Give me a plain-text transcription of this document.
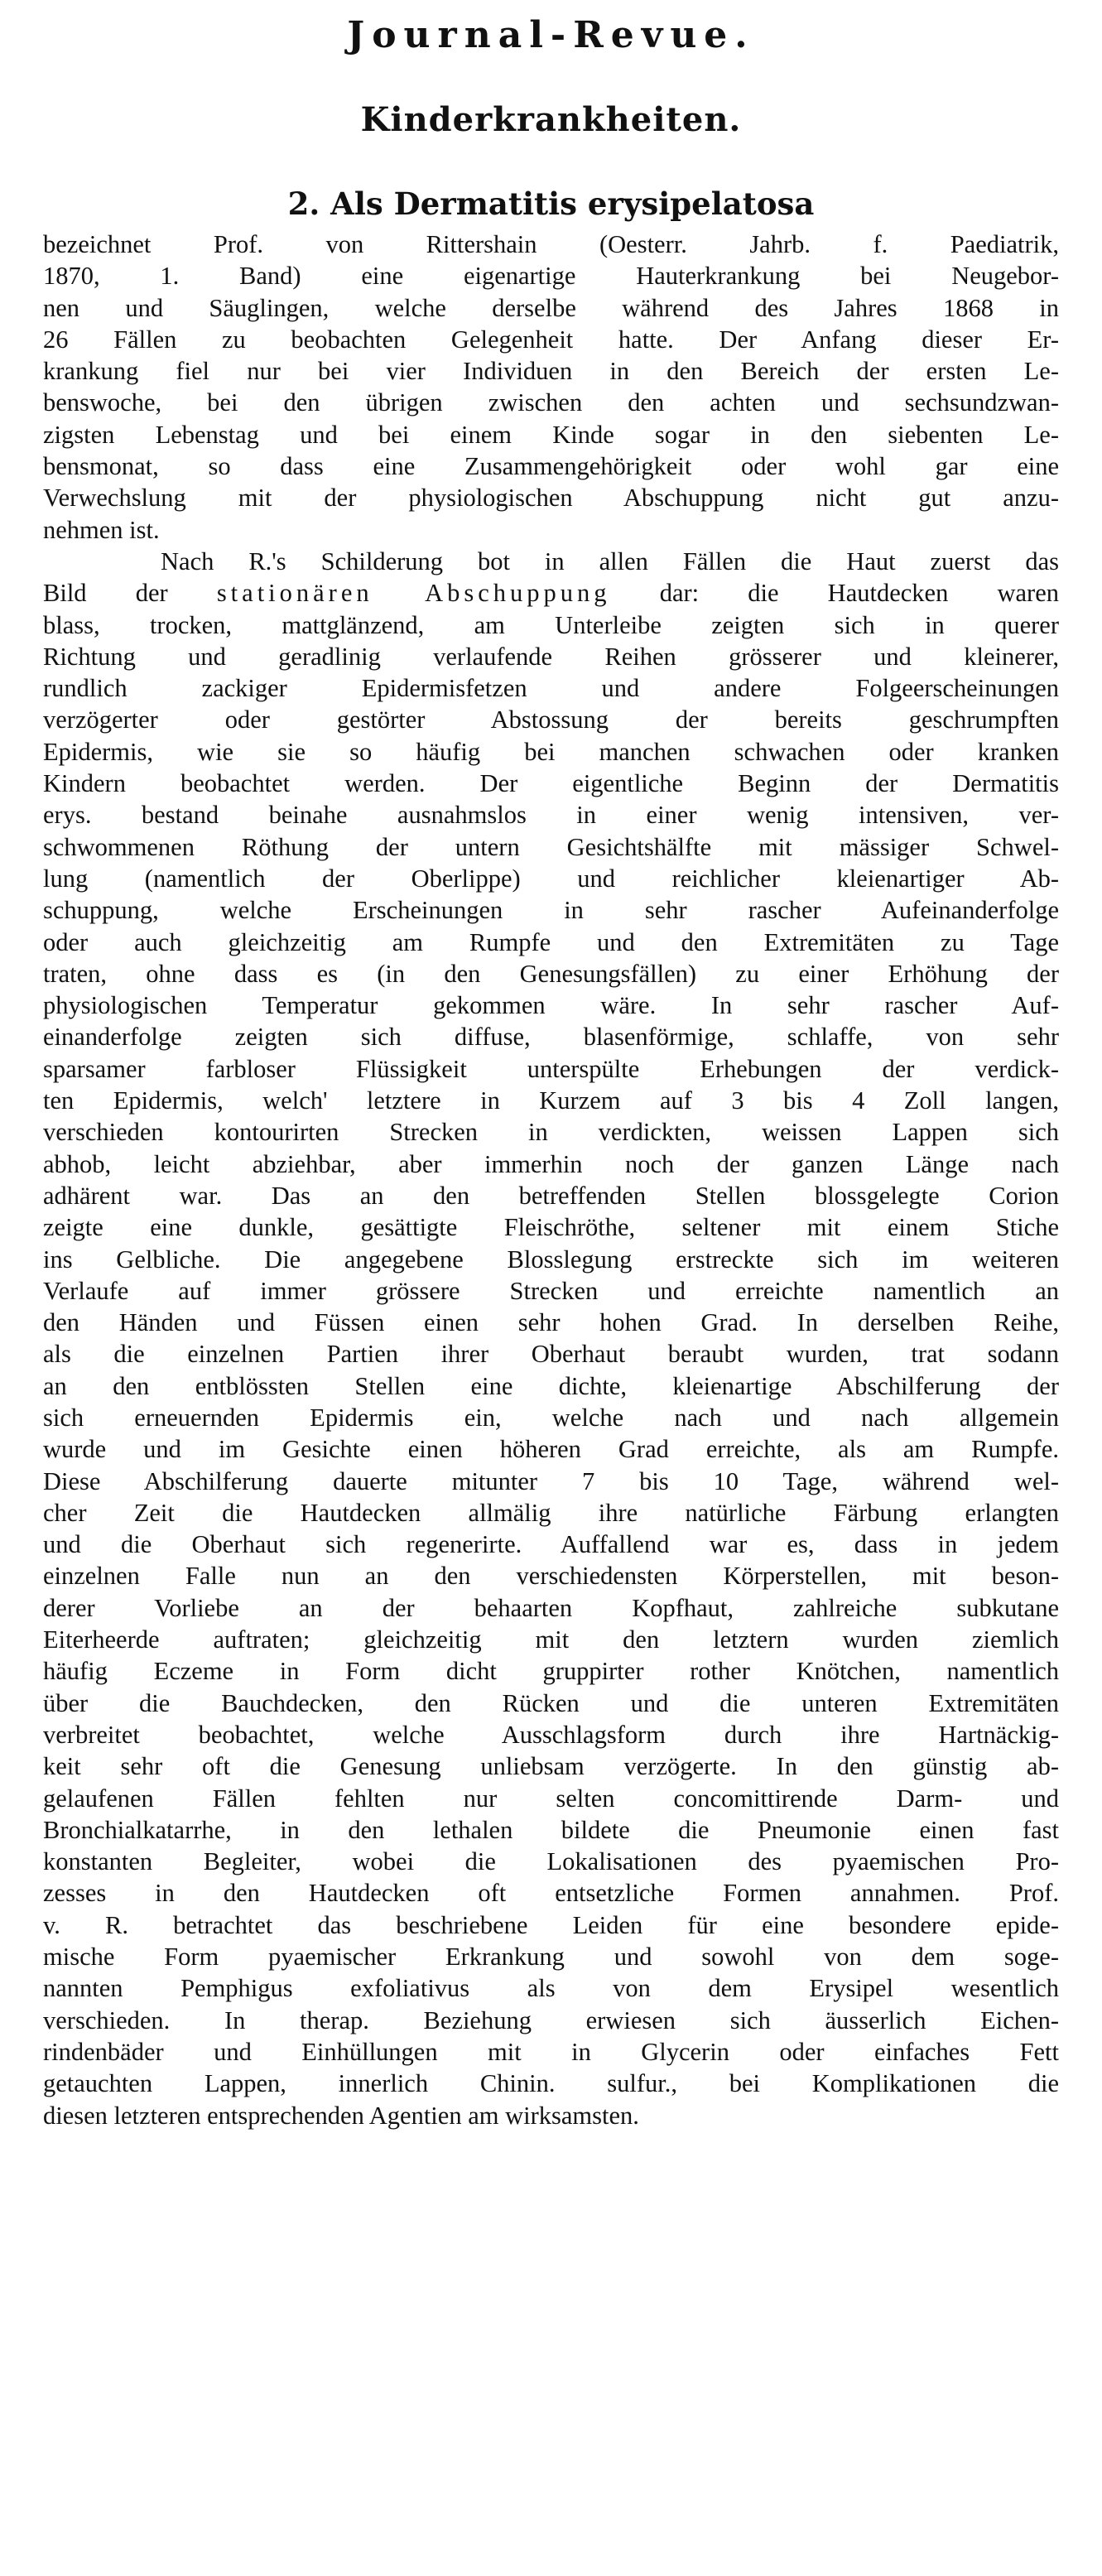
Journal-Revue.
Kinderkrankheiten.
2. Als Dermatitis erysipelatosa
bezeichnet Prof. von Rittershain (Oesterr. Jahrb. f. Paediatrik,
1870, 1. Band) eine eigenartige Hauterkrankung bei Neugebor-
nen und Säuglingen, welche derselbe während des Jahres 1868 in
26 Fällen zu beobachten Gelegenheit hatte. Der Anfang dieser Er-
krankung fiel nur bei vier Individuen in den Bereich der ersten Le-
benswoche, bei den übrigen zwischen den achten und sechsundzwan-
zigsten Lebenstag und bei einem Kinde sogar in den siebenten Le-
bensmonat, so dass eine Zusammengehörigkeit oder wohl gar eine
Verwechslung mit der physiologischen Abschuppung nicht gut anzu-
nehmen ist.
Nach R.'s Schilderung bot in allen Fällen die Haut zuerst das
Bild der stationären Abschuppung dar: die Hautdecken waren
blass, trocken, mattglänzend, am Unterleibe zeigten sich in querer
Richtung und geradlinig verlaufende Reihen grösserer und kleinerer,
rundlich zackiger Epidermisfetzen und andere Folgeerscheinungen
verzögerter oder gestörter Abstossung der bereits geschrumpften
Epidermis, wie sie so häufig bei manchen schwachen oder kranken
Kindern beobachtet werden. Der eigentliche Beginn der Dermatitis
erys. bestand beinahe ausnahmslos in einer wenig intensiven, ver-
schwommenen Röthung der untern Gesichtshälfte mit mässiger Schwel-
lung (namentlich der Oberlippe) und reichlicher kleienartiger Ab-
schuppung, welche Erscheinungen in sehr rascher Aufeinanderfolge
oder auch gleichzeitig am Rumpfe und den Extremitäten zu Tage
traten, ohne dass es (in den Genesungsfällen) zu einer Erhöhung der
physiologischen Temperatur gekommen wäre. In sehr rascher Auf-
einanderfolge zeigten sich diffuse, blasenförmige, schlaffe, von sehr
sparsamer farbloser Flüssigkeit unterspülte Erhebungen der verdick-
ten Epidermis, welch' letztere in Kurzem auf 3 bis 4 Zoll langen,
verschieden kontourirten Strecken in verdickten, weissen Lappen sich
abhob, leicht abziehbar, aber immerhin noch der ganzen Länge nach
adhärent war. Das an den betreffenden Stellen blossgelegte Corion
zeigte eine dunkle, gesättigte Fleischröthe, seltener mit einem Stiche
ins Gelbliche. Die angegebene Blosslegung erstreckte sich im weiteren
Verlaufe auf immer grössere Strecken und erreichte namentlich an
den Händen und Füssen einen sehr hohen Grad. In derselben Reihe,
als die einzelnen Partien ihrer Oberhaut beraubt wurden, trat sodann
an den entblössten Stellen eine dichte, kleienartige Abschilferung der
sich erneuernden Epidermis ein, welche nach und nach allgemein
wurde und im Gesichte einen höheren Grad erreichte, als am Rumpfe.
Diese Abschilferung dauerte mitunter 7 bis 10 Tage, während wel-
cher Zeit die Hautdecken allmälig ihre natürliche Färbung erlangten
und die Oberhaut sich regenerirte. Auffallend war es, dass in jedem
einzelnen Falle nun an den verschiedensten Körperstellen, mit beson-
derer Vorliebe an der behaarten Kopfhaut, zahlreiche subkutane
Eiterheerde auftraten; gleichzeitig mit den letztern wurden ziemlich
häufig Eczeme in Form dicht gruppirter rother Knötchen, namentlich
über die Bauchdecken, den Rücken und die unteren Extremitäten
verbreitet beobachtet, welche Ausschlagsform durch ihre Hartnäckig-
keit sehr oft die Genesung unliebsam verzögerte. In den günstig ab-
gelaufenen Fällen fehlten nur selten concomittirende Darm- und
Bronchialkatarrhe, in den lethalen bildete die Pneumonie einen fast
konstanten Begleiter, wobei die Lokalisationen des pyaemischen Pro-
zesses in den Hautdecken oft entsetzliche Formen annahmen. Prof.
v. R. betrachtet das beschriebene Leiden für eine besondere epide-
mische Form pyaemischer Erkrankung und sowohl von dem soge-
nannten Pemphigus exfoliativus als von dem Erysipel wesentlich
verschieden. In therap. Beziehung erwiesen sich äusserlich Eichen-
rindenbäder und Einhüllungen mit in Glycerin oder einfaches Fett
getauchten Lappen, innerlich Chinin. sulfur., bei Komplikationen die
diesen letzteren entsprechenden Agentien am wirksamsten.
